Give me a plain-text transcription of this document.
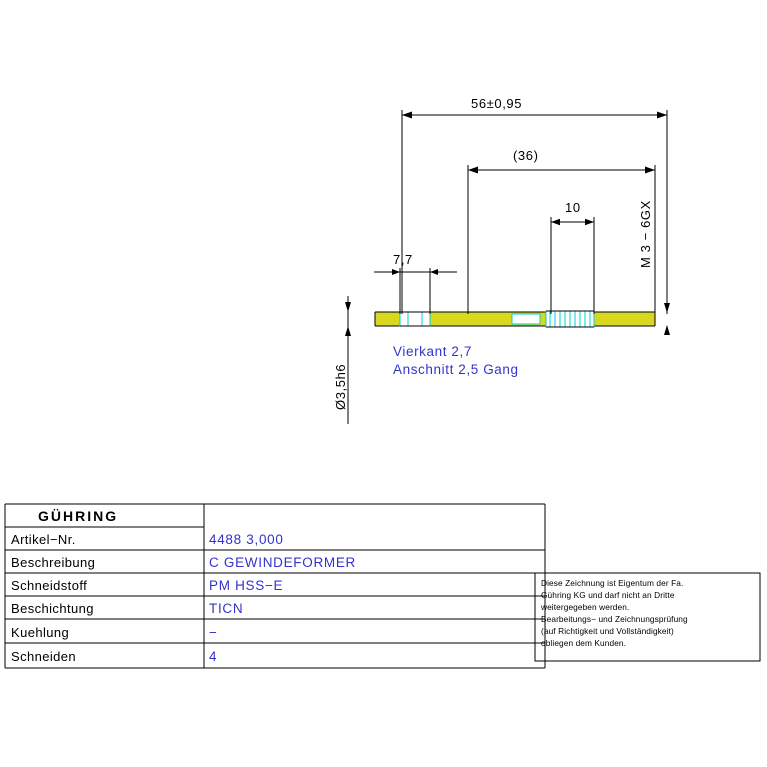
56±0,95
(36)
10
7,7	M 3 − 6GX
Ø3,5h6
Vierkant 2,7
Anschnitt 2,5 Gang
GÜHRING
Artikel−Nr.	4488 3,000
Beschreibung	C GEWINDEFORMER
Schneidstoff	PM HSS−E
Beschichtung	TICN
Kuehlung	−
Schneiden	4
Diese Zeichnung ist Eigentum der Fa.
Gühring KG und darf nicht an Dritte
weitergegeben werden.
Bearbeitungs− und Zeichnungsprüfung
(auf Richtigkeit und Vollständigkeit)
obliegen dem Kunden.
